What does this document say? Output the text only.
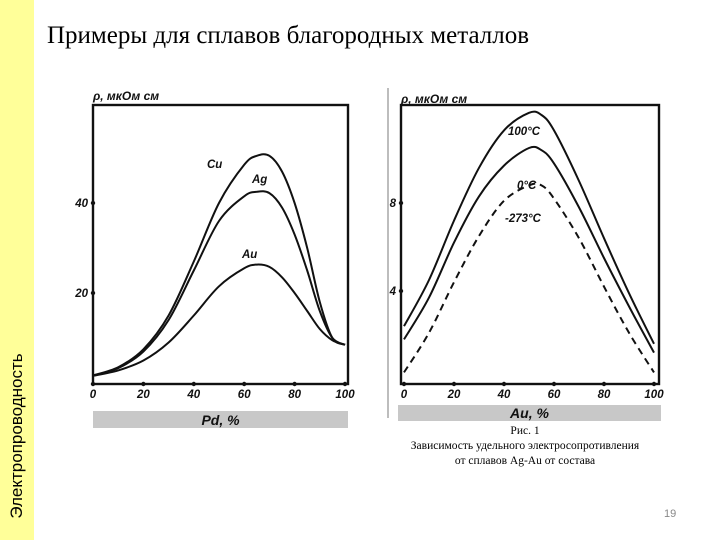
Электропроводность
Примеры для сплавов благородных металлов
ρ, мкОм см
Pd, %
0	20	40	60	80	100
20
40
Cu
Ag
Au
ρ, мкОм см
Au, %
0	20	40	60	80	100
4
8
100°C
0°C
-273°C
Рис. 1
Зависимость удельного электросопротивления
от сплавов Ag-Au от состава
19
